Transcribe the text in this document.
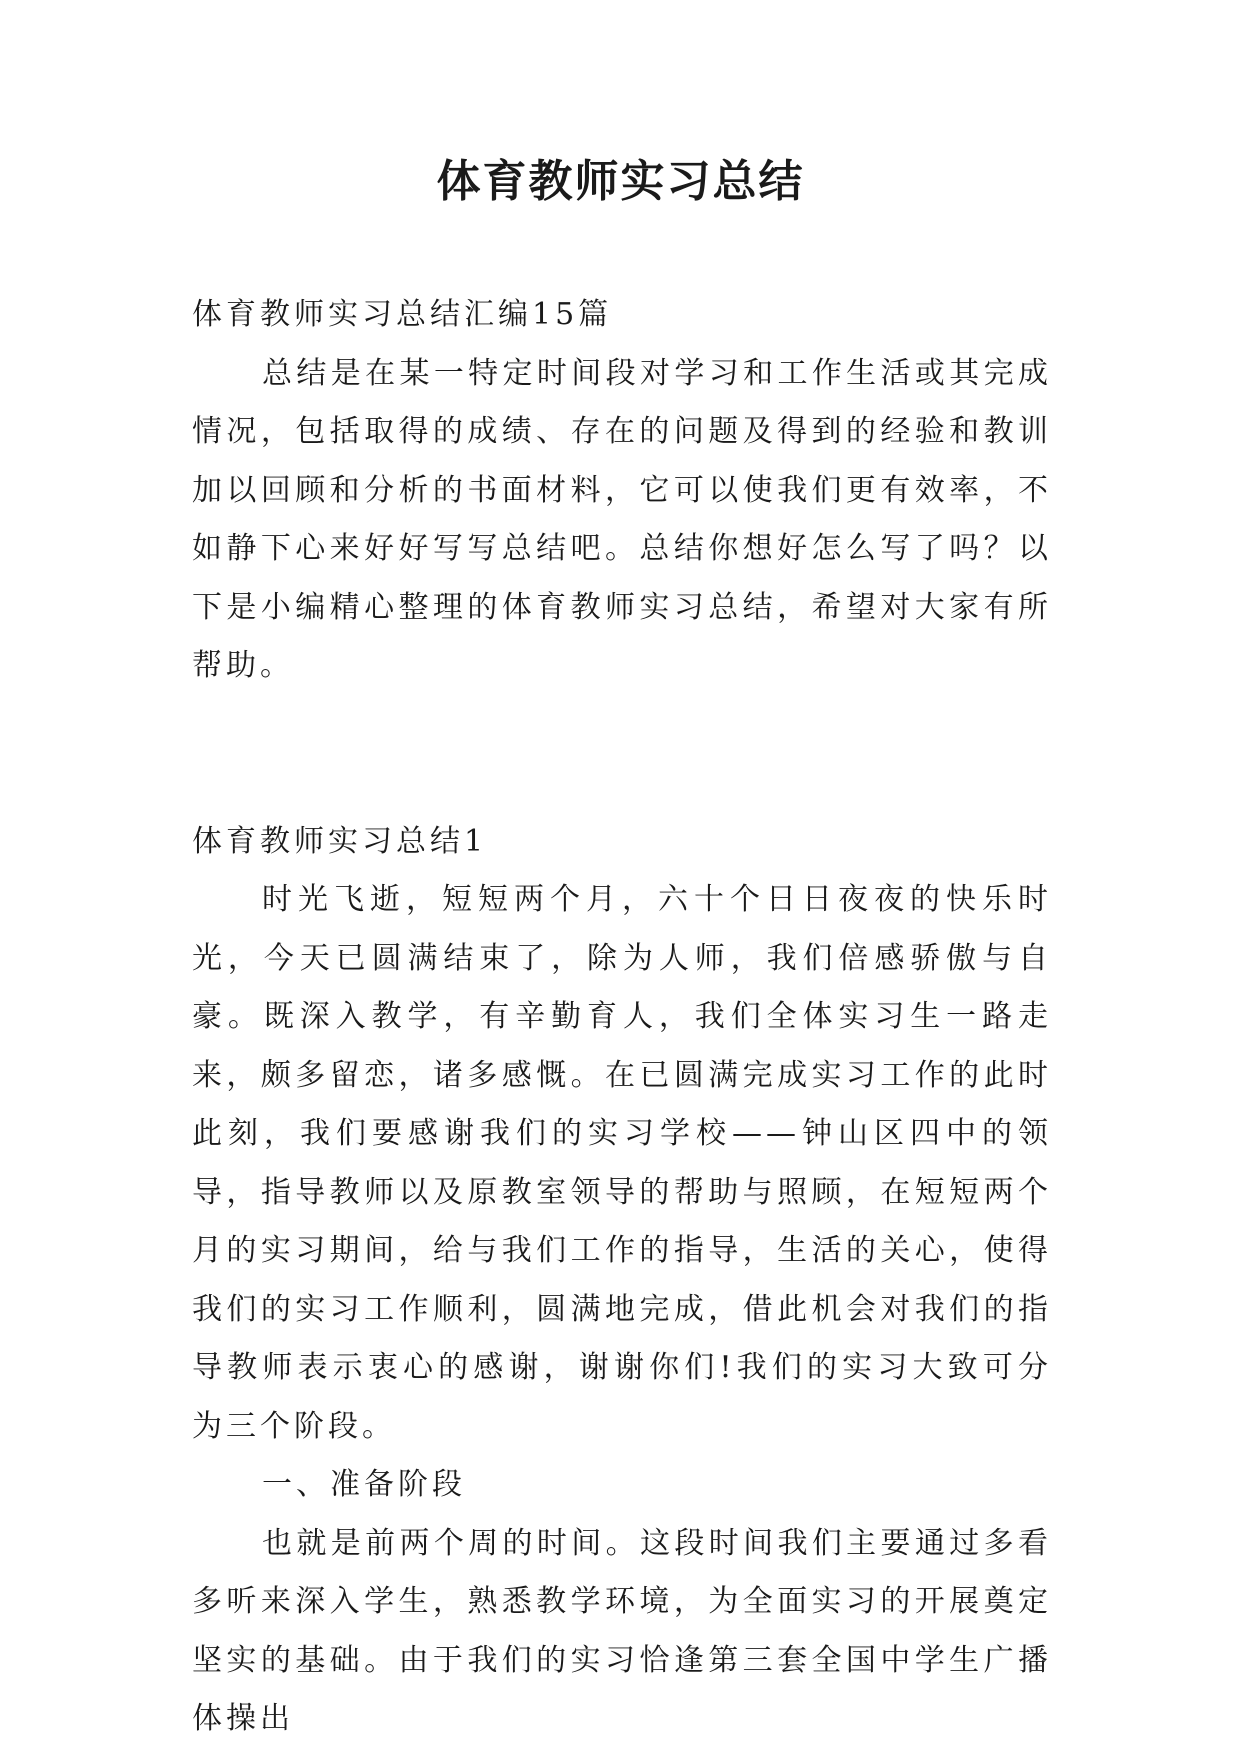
体育教师实习总结

体育教师实习总结汇编15篇

总结是在某一特定时间段对学习和工作生活或其完成情况，包括取得的成绩、存在的问题及得到的经验和教训加以回顾和分析的书面材料，它可以使我们更有效率，不如静下心来好好写写总结吧。总结你想好怎么写了吗？以下是小编精心整理的体育教师实习总结，希望对大家有所帮助。

体育教师实习总结1

时光飞逝，短短两个月，六十个日日夜夜的快乐时光，今天已圆满结束了，除为人师，我们倍感骄傲与自豪。既深入教学，有辛勤育人，我们全体实习生一路走来，颇多留恋，诸多感慨。在已圆满完成实习工作的此时此刻，我们要感谢我们的实习学校——钟山区四中的领导，指导教师以及原教室领导的帮助与照顾，在短短两个月的实习期间，给与我们工作的指导，生活的关心，使得我们的实习工作顺利，圆满地完成，借此机会对我们的指导教师表示衷心的感谢，谢谢你们!我们的实习大致可分为三个阶段。

一、准备阶段

也就是前两个周的时间。这段时间我们主要通过多看多听来深入学生，熟悉教学环境，为全面实习的开展奠定坚实的基础。由于我们的实习恰逢第三套全国中学生广播体操出
